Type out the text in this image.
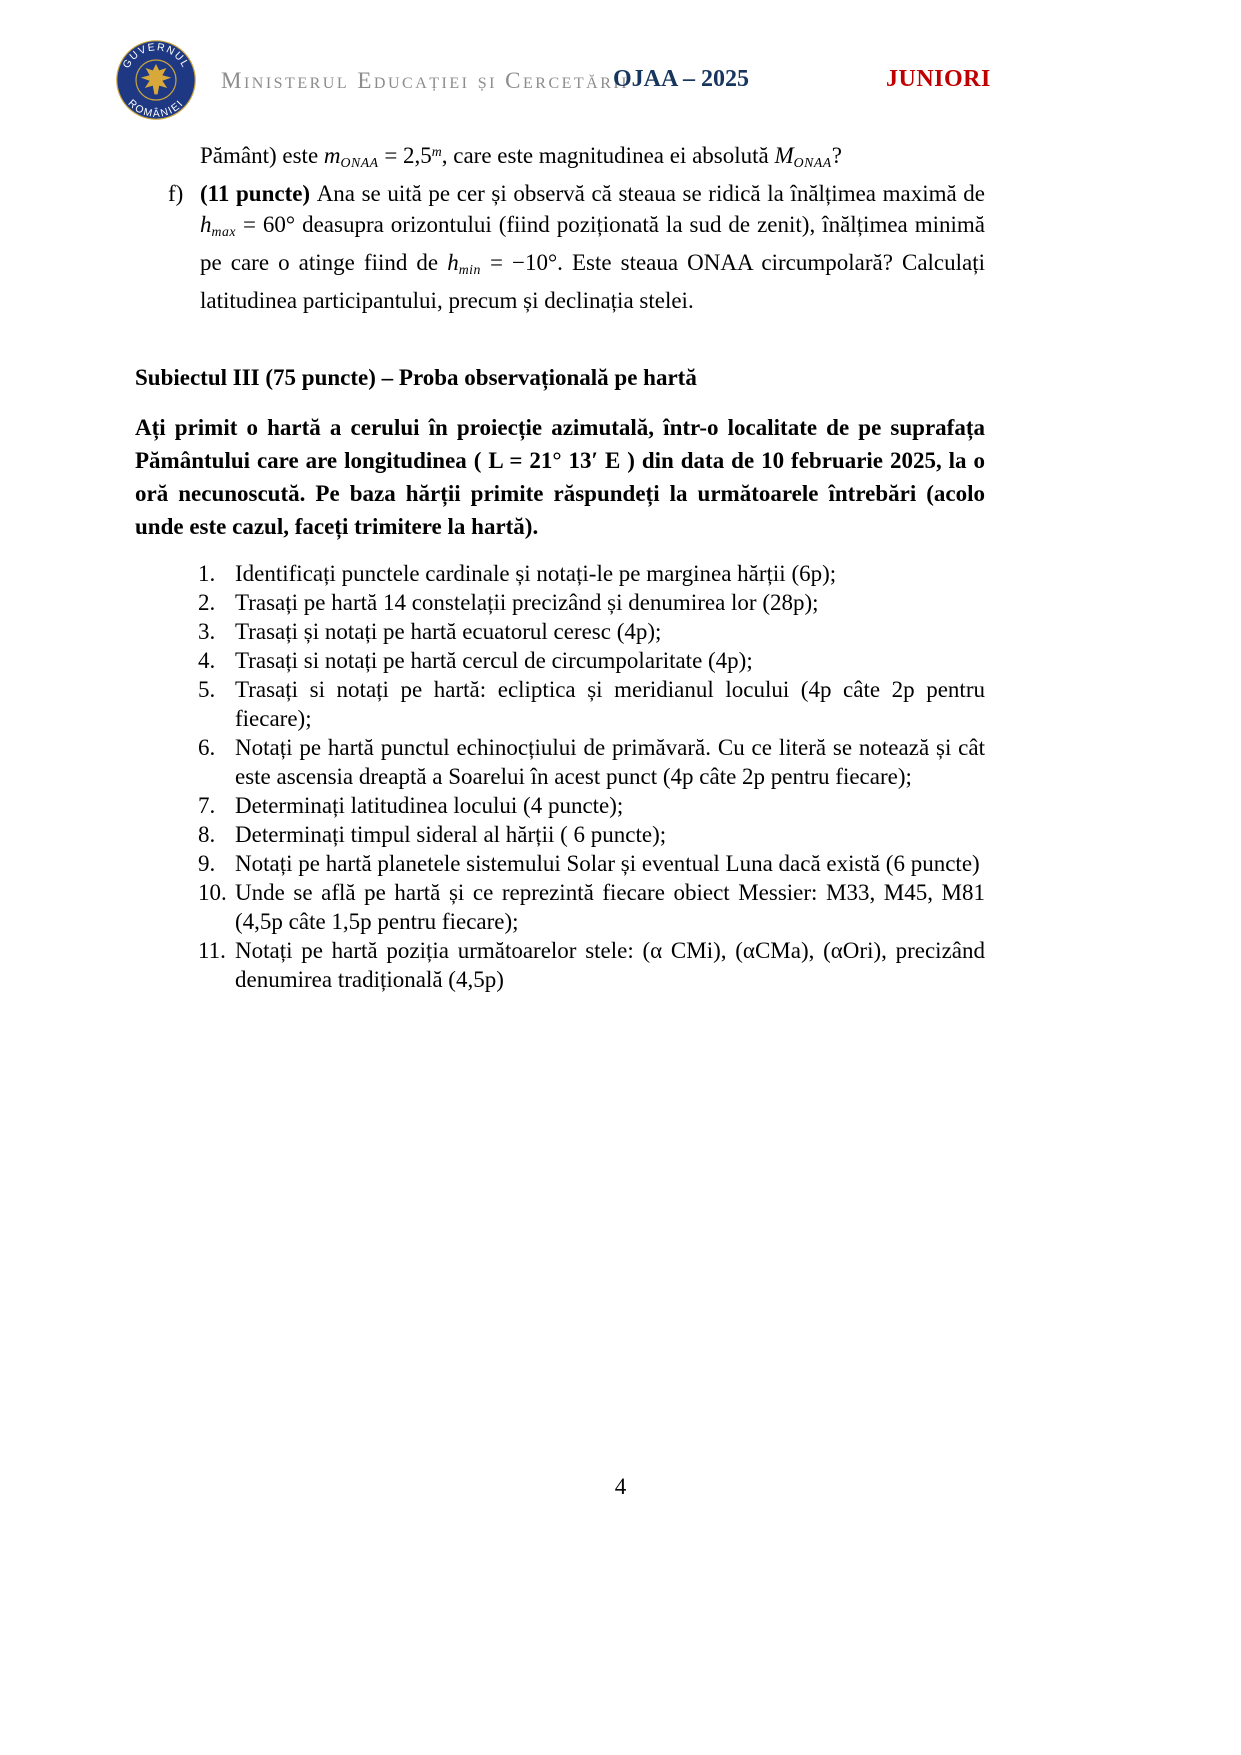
GUVERNUL
ROMÂNIEI
Ministerul Educației și Cercetării
OJAA – 2025	JUNIORI

Pământ) este mONAA = $2,5^m$, care este magnitudinea ei absolută MONAA?

f) (11 puncte) Ana se uită pe cer și observă că steaua se ridică la înălțimea maximă de hmax = 60° deasupra orizontului (fiind poziționată la sud de zenit), înălțimea minimă pe care o atinge fiind de hmin = −10°. Este steaua ONAA circumpolară? Calculați latitudinea participantului, precum și declinația stelei.

Subiectul III (75 puncte) – Proba observațională pe hartă

Ați primit o hartă a cerului în proiecție azimutală, într-o localitate de pe suprafața Pământului care are longitudinea ( L = 21° 13′ E ) din data de 10 februarie 2025, la o oră necunoscută. Pe baza hărții primite răspundeți la următoarele întrebări (acolo unde este cazul, faceți trimitere la hartă).

1. Identificați punctele cardinale și notați-le pe marginea hărții (6p);
2. Trasați pe hartă 14 constelații precizând și denumirea lor (28p);
3. Trasați și notați pe hartă ecuatorul ceresc (4p);
4. Trasați si notați pe hartă cercul de circumpolaritate (4p);
5. Trasați si notați pe hartă: ecliptica și meridianul locului (4p câte 2p pentru fiecare);
6. Notați pe hartă punctul echinocțiului de primăvară. Cu ce literă se notează și cât este ascensia dreaptă a Soarelui în acest punct (4p câte 2p pentru fiecare);
7. Determinați latitudinea locului (4 puncte);
8. Determinați timpul sideral al hărții ( 6 puncte);
9. Notați pe hartă planetele sistemului Solar și eventual Luna dacă există (6 puncte)
10. Unde se află pe hartă și ce reprezintă fiecare obiect Messier: M33, M45, M81 (4,5p câte 1,5p pentru fiecare);
11. Notați pe hartă poziția următoarelor stele: (α CMi), (αCMa), (αOri), precizând denumirea tradițională (4,5p)
4
